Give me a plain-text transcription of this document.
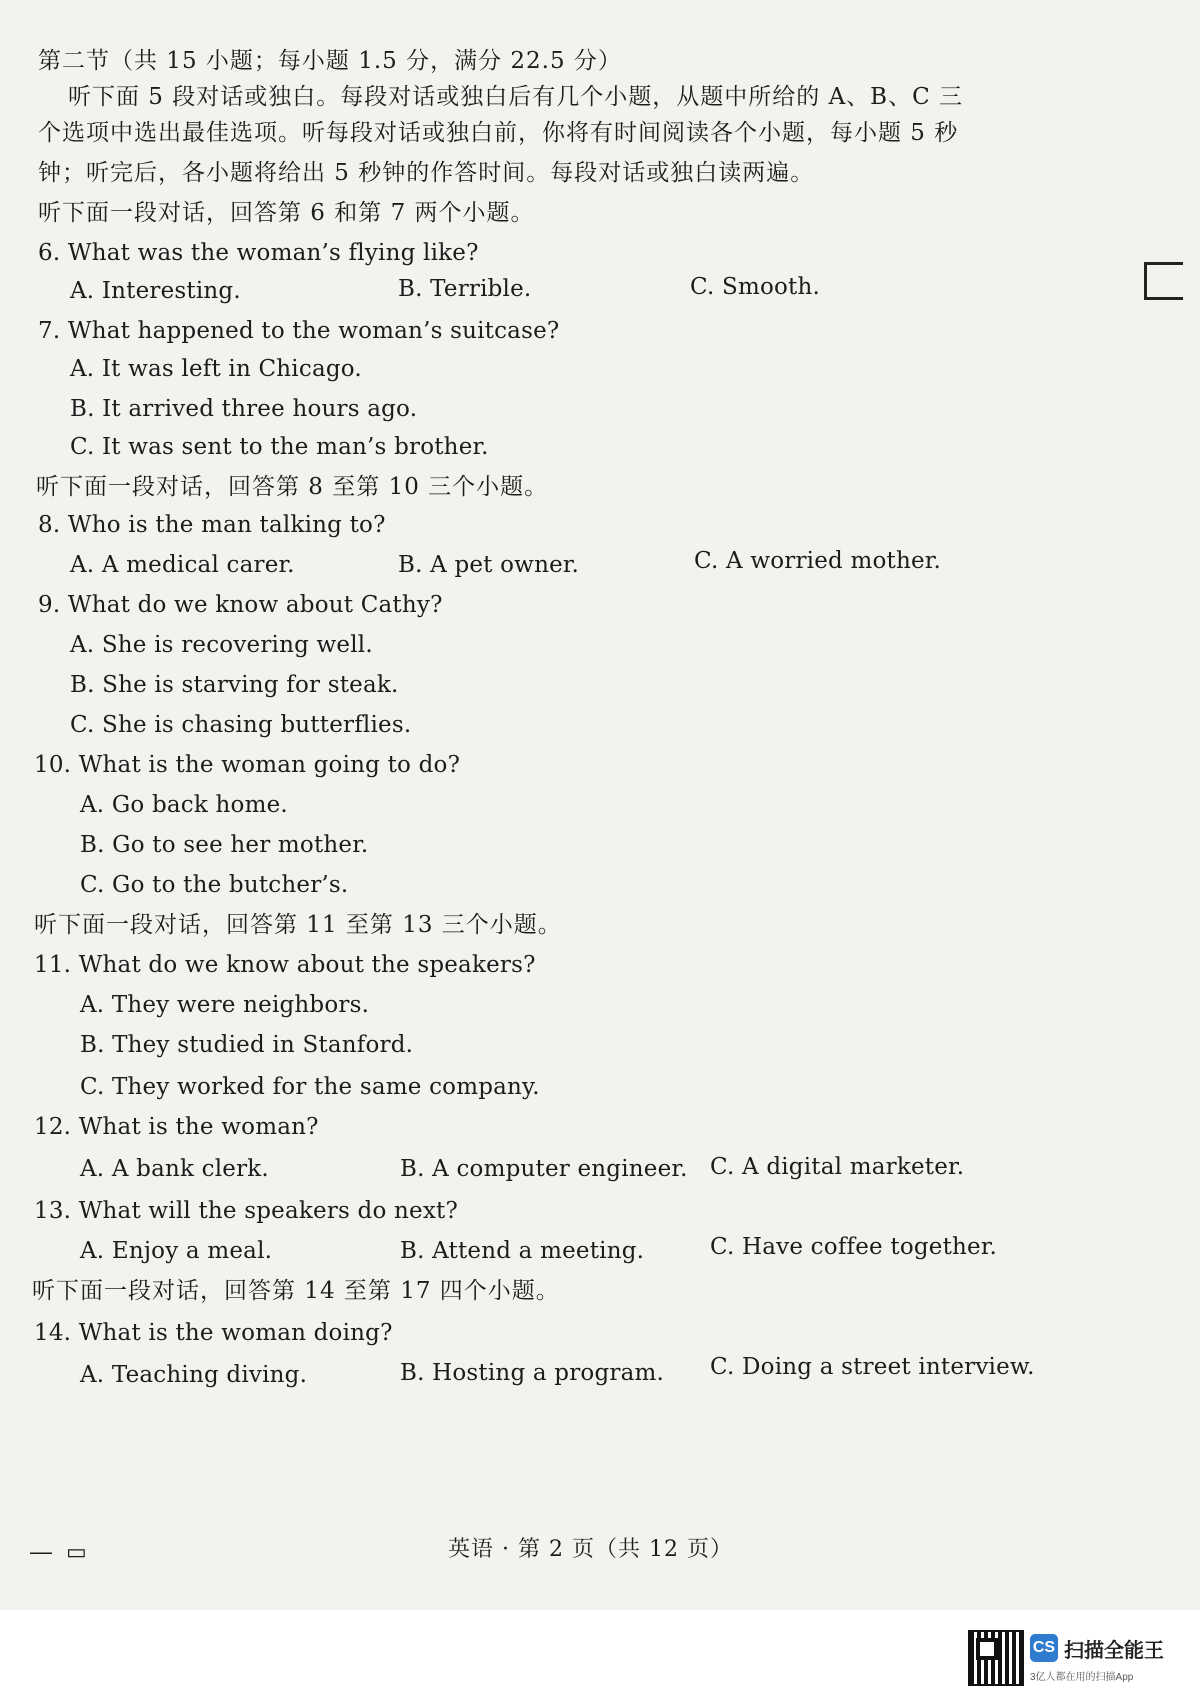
第二节（共 15 小题；每小题 1.5 分，满分 22.5 分）
听下面 5 段对话或独白。每段对话或独白后有几个小题，从题中所给的 A、B、C 三
个选项中选出最佳选项。听每段对话或独白前，你将有时间阅读各个小题，每小题 5 秒
钟；听完后，各小题将给出 5 秒钟的作答时间。每段对话或独白读两遍。
听下面一段对话，回答第 6 和第 7 两个小题。
6. What was the woman’s flying like?
A. Interesting.	B. Terrible.	C. Smooth.
7. What happened to the woman’s suitcase?
A. It was left in Chicago.
B. It arrived three hours ago.
C. It was sent to the man’s brother.
听下面一段对话，回答第 8 至第 10 三个小题。
8. Who is the man talking to?
A. A medical carer.	B. A pet owner.	C. A worried mother.
9. What do we know about Cathy?
A. She is recovering well.
B. She is starving for steak.
C. She is chasing butterflies.
10. What is the woman going to do?
A. Go back home.
B. Go to see her mother.
C. Go to the butcher’s.
听下面一段对话，回答第 11 至第 13 三个小题。
11. What do we know about the speakers?
A. They were neighbors.
B. They studied in Stanford.
C. They worked for the same company.
12. What is the woman?
A. A bank clerk.	B. A computer engineer. C. A digital marketer.
13. What will the speakers do next?
A. Enjoy a meal.	B. Attend a meeting.	C. Have coffee together.
听下面一段对话，回答第 14 至第 17 四个小题。
14. What is the woman doing?
A. Teaching diving.	B. Hosting a program. C. Doing a street interview.
―▭	英语 · 第 2 页（共 12 页）
CS 扫描全能王
3亿人都在用的扫描App
